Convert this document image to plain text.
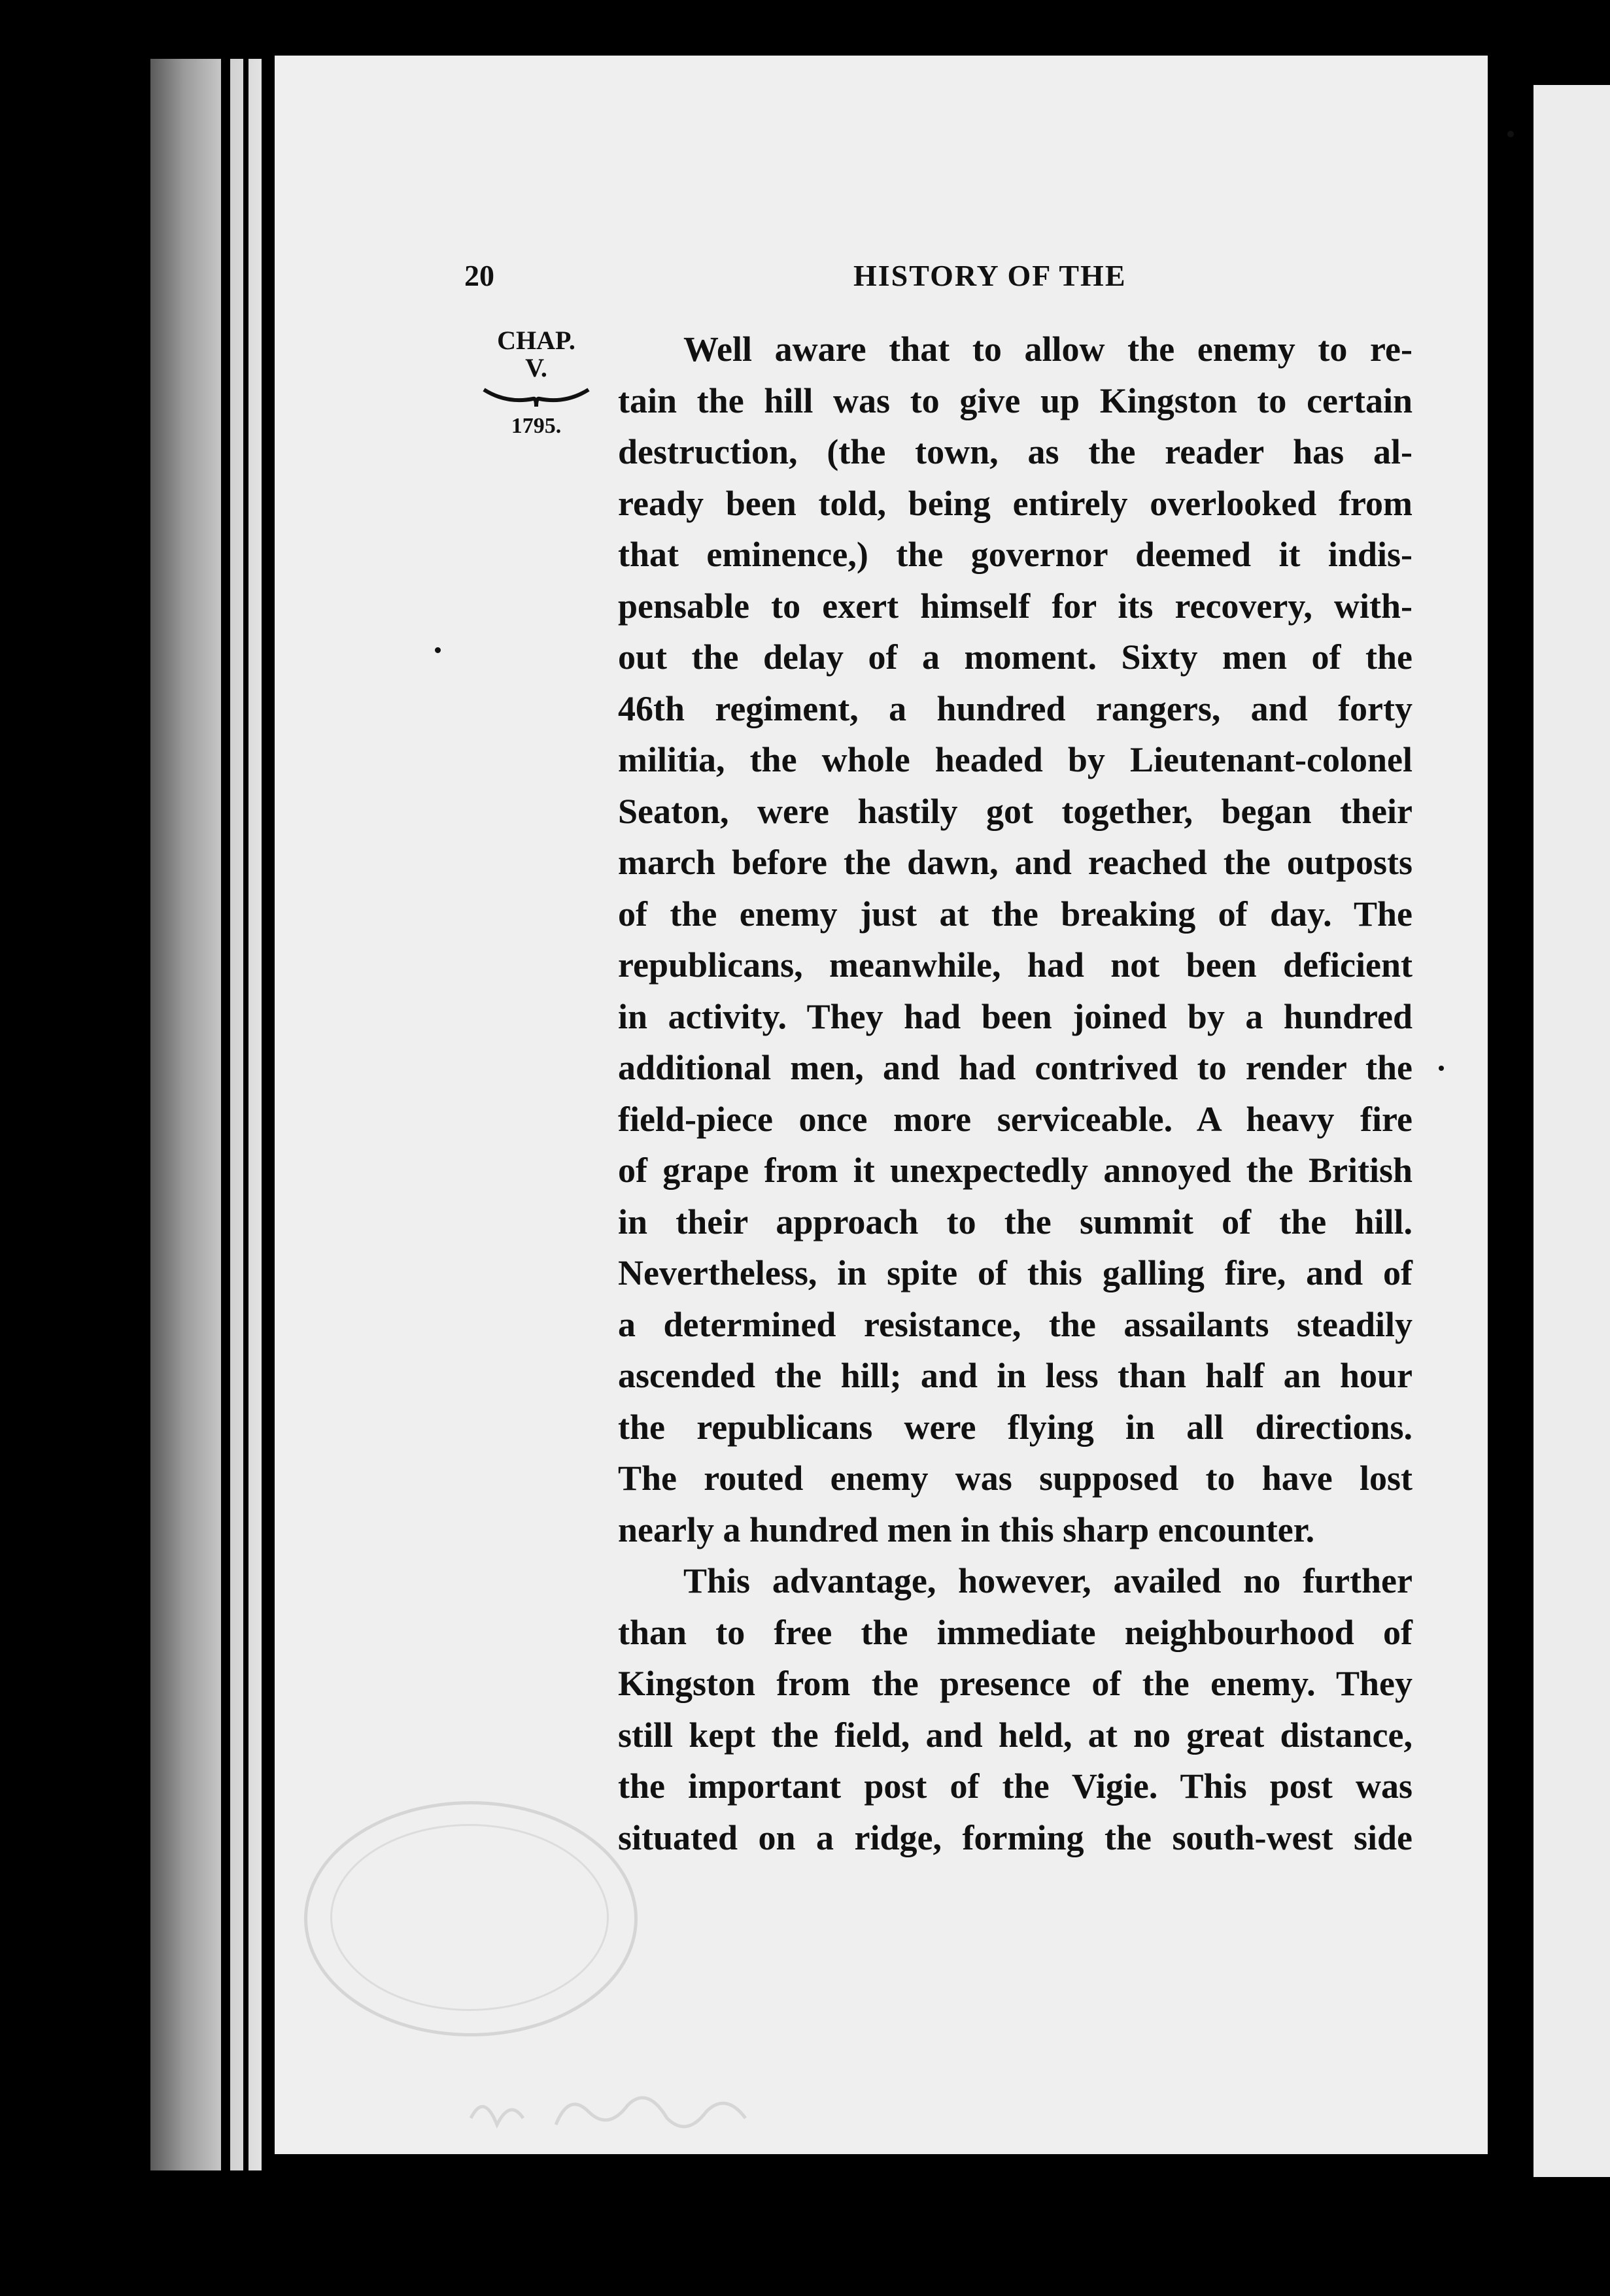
20	HISTORY OF THE
CHAP.
V.
1795.
Well aware that to allow the enemy to re-
tain the hill was to give up Kingston to certain
destruction, (the town, as the reader has al-
ready been told, being entirely overlooked from
that eminence,) the governor deemed it indis-
pensable to exert himself for its recovery, with-
out the delay of a moment. Sixty men of the
46th regiment, a hundred rangers, and forty
militia, the whole headed by Lieutenant-colonel
Seaton, were hastily got together, began their
march before the dawn, and reached the outposts
of the enemy just at the breaking of day. The
republicans, meanwhile, had not been deficient
in activity. They had been joined by a hundred
additional men, and had contrived to render the
field-piece once more serviceable. A heavy fire
of grape from it unexpectedly annoyed the British
in their approach to the summit of the hill.
Nevertheless, in spite of this galling fire, and of
a determined resistance, the assailants steadily
ascended the hill; and in less than half an hour
the republicans were flying in all directions.
The routed enemy was supposed to have lost
nearly a hundred men in this sharp encounter.
This advantage, however, availed no further
than to free the immediate neighbourhood of
Kingston from the presence of the enemy. They
still kept the field, and held, at no great distance,
the important post of the Vigie. This post was
situated on a ridge, forming the south-west side
